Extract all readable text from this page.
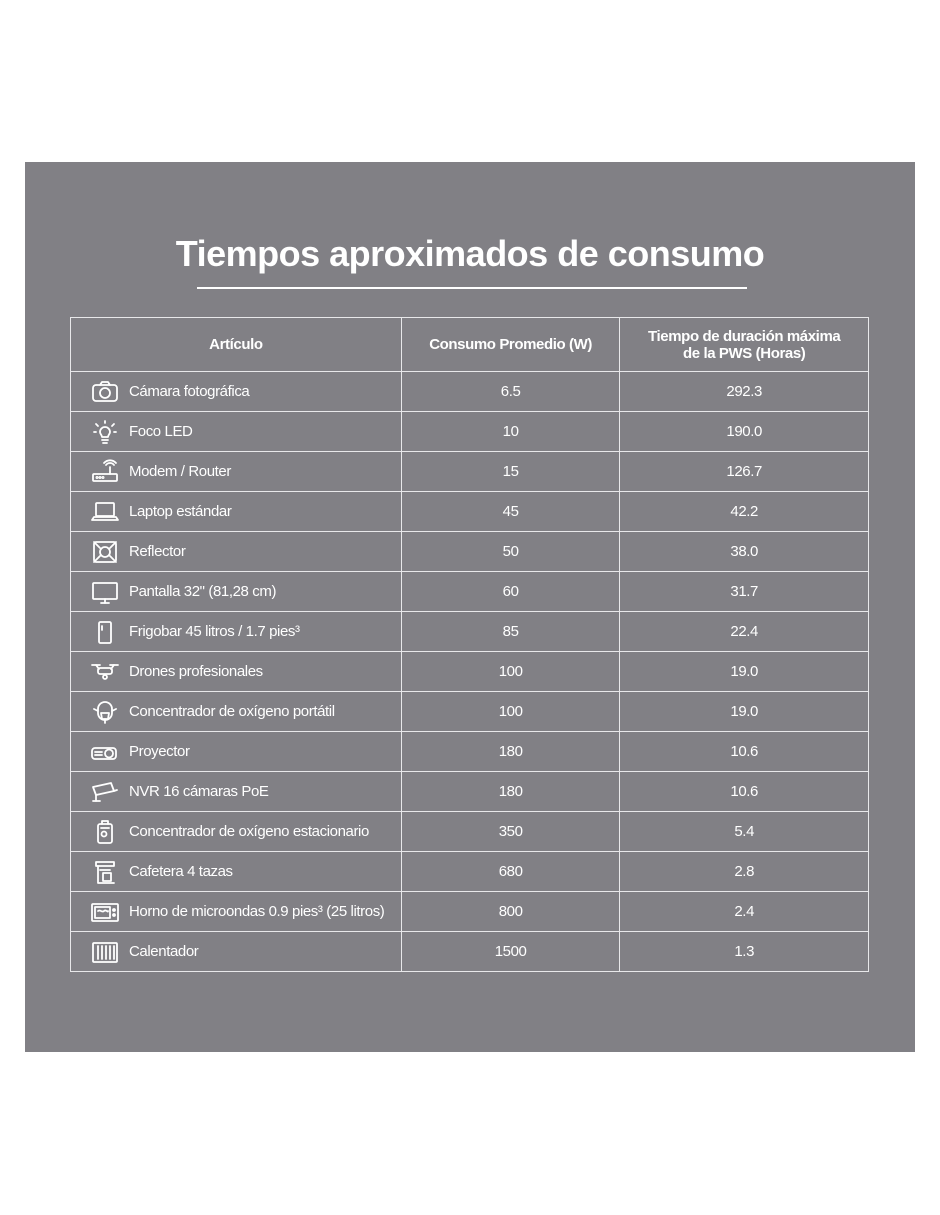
Tiempos aproximados de consumo
Artículo	Consumo Promedio (W)	Tiempo de duración máxima
de la PWS (Horas)

Cámara fotográfica	6.5	292.3

Foco LED	10	190.0

Modem / Router	15	126.7

Laptop estándar	45	42.2

Reflector	50	38.0

Pantalla 32" (81,28 cm)	60	31.7

Frigobar 45 litros / 1.7 pies³	85	22.4

Drones profesionales	100	19.0

Concentrador de oxígeno portátil	100	19.0

Proyector	180	10.6

NVR 16 cámaras PoE	180	10.6

Concentrador de oxígeno estacionario	350	5.4

Cafetera 4 tazas	680	2.8

Horno de microondas 0.9 pies³ (25 litros)	800	2.4

Calentador	1500	1.3
